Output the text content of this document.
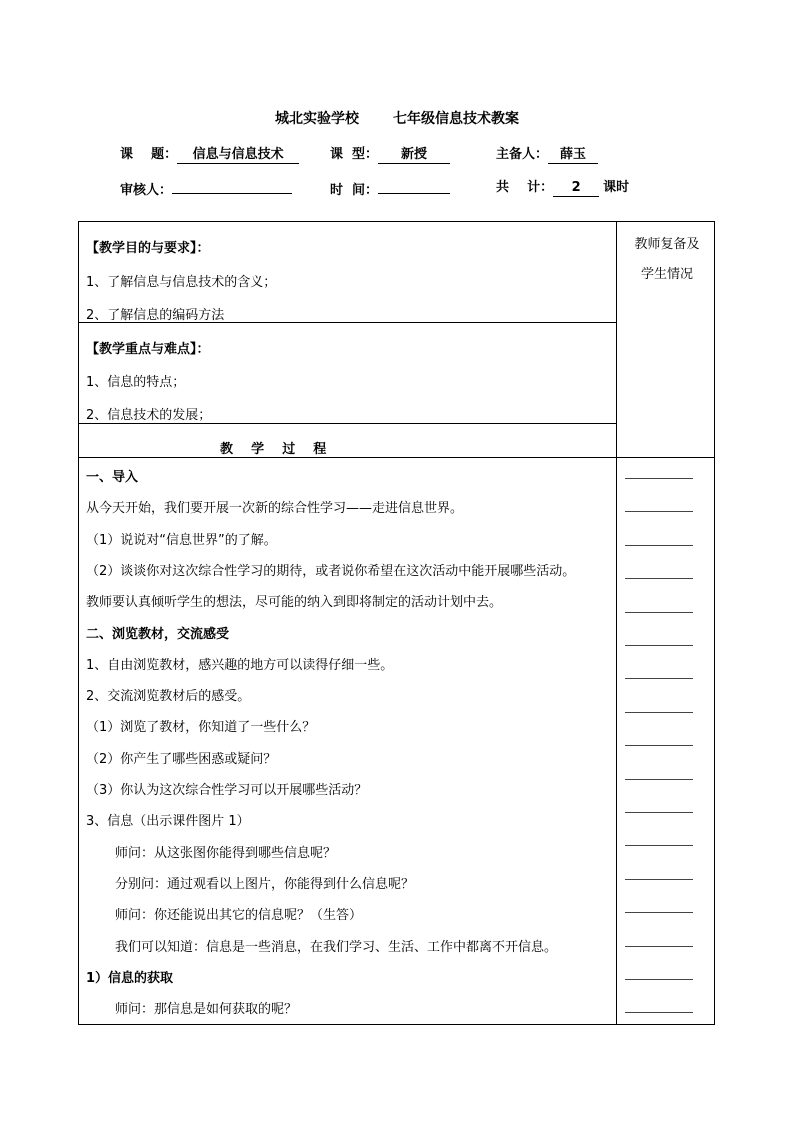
城北实验学校 七年级信息技术教案
课    题： 信息与信息技术	课  型： 新授	主备人： 薛玉
审核人：	时  间：	共    计： 2 课时
教师复备及
学生情况
【教学目的与要求】：
1、了解信息与信息技术的含义；
2、了解信息的编码方法
【教学重点与难点】：
1、信息的特点；
2、信息技术的发展；
教    学    过    程
一、导入
从今天开始，我们要开展一次新的综合性学习——走进信息世界。
（1）说说对“信息世界”的了解。
（2）谈谈你对这次综合性学习的期待，或者说你希望在这次活动中能开展哪些活动。
教师要认真倾听学生的想法，尽可能的纳入到即将制定的活动计划中去。
二、浏览教材，交流感受
1、自由浏览教材，感兴趣的地方可以读得仔细一些。
2、交流浏览教材后的感受。
（1）浏览了教材，你知道了一些什么？
（2）你产生了哪些困惑或疑问？
（3）你认为这次综合性学习可以开展哪些活动？
3、信息（出示课件图片 1）
师问：从这张图你能得到哪些信息呢？
分别问：通过观看以上图片，你能得到什么信息呢？
师问：你还能说出其它的信息呢？（生答）
我们可以知道：信息是一些消息，在我们学习、生活、工作中都离不开信息。
1）信息的获取
师问：那信息是如何获取的呢？
